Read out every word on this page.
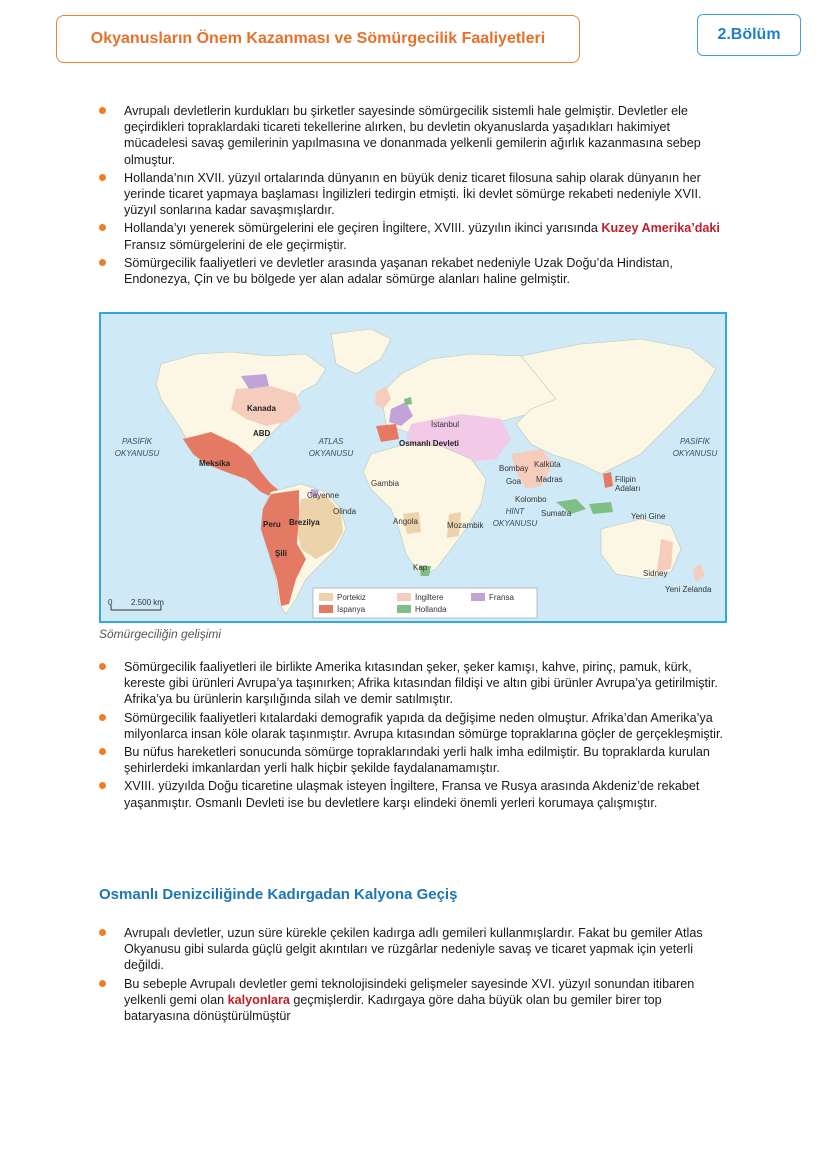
Okyanusların Önem Kazanması ve Sömürgecilik Faaliyetleri	2.Bölüm
Avrupalı devletlerin kurdukları bu şirketler sayesinde sömürgecilik sistemli hale gelmiştir. Devletler ele geçirdikleri topraklardaki ticareti tekellerine alırken, bu devletin okyanuslarda yaşadıkları hakimiyet mücadelesi savaş gemilerinin yapılmasına ve donanmada yelkenli gemilerin ağırlık kazanmasına sebep olmuştur.
Hollanda’nın XVII. yüzyıl ortalarında dünyanın en büyük deniz ticaret filosuna sahip olarak dünyanın her yerinde ticaret yapmaya başlaması İngilizleri tedirgin etmişti. İki devlet sömürge rekabeti nedeniyle XVII. yüzyıl sonlarına kadar savaşmışlardır.
Hollanda’yı yenerek sömürgelerini ele geçiren İngiltere, XVIII. yüzyılın ikinci yarısında Kuzey Amerika’daki Fransız sömürgelerini de ele geçirmiştir.
Sömürgecilik faaliyetleri ve devletler arasında yaşanan rekabet nedeniyle Uzak Doğu’da Hindistan, Endonezya, Çin ve bu bölgede yer alan adalar sömürge alanları haline gelmiştir.
PASİFİK
OKYANUSU
ATLAS
OKYANUSU
HİNT
OKYANUSU
PASİFİK
OKYANUSU
Kanada
ABD
Meksika
Cayenne
Olinda
Peru Brezilya
Şili
İstanbul
Osmanlı Devleti
Gambia
Angola	Mozambik
Kap
Bombay
Goa Madras
Kalküta
Kolombo
Sumatra
Filipin
Adaları
Yeni Gine
Sidney
Yeni Zelanda
0 2.500 km
Portekiz
İspanya
İngiltere
Hollanda
Fransa
Sömürgeciliğin gelişimi
Sömürgecilik faaliyetleri ile birlikte Amerika kıtasından şeker, şeker kamışı, kahve, pirinç, pamuk, kürk, kereste gibi ürünleri Avrupa’ya taşınırken; Afrika kıtasından fildişi ve altın gibi ürünler Avrupa’ya getirilmiştir. Afrika’ya bu ürünlerin karşılığında silah ve demir satılmıştır.
Sömürgecilik faaliyetleri kıtalardaki demografik yapıda da değişime neden olmuştur. Afrika’dan Amerika’ya milyonlarca insan köle olarak taşınmıştır. Avrupa kıtasından sömürge topraklarına göçler de gerçekleşmiştir.
Bu nüfus hareketleri sonucunda sömürge topraklarındaki yerli halk imha edilmiştir. Bu topraklarda kurulan şehirlerdeki imkanlardan yerli halk hiçbir şekilde faydalanamamıştır.
XVIII. yüzyılda Doğu ticaretine ulaşmak isteyen İngiltere, Fransa ve Rusya arasında Akdeniz’de rekabet yaşanmıştır. Osmanlı Devleti ise bu devletlere karşı elindeki önemli yerleri korumaya çalışmıştır.
Osmanlı Denizciliğinde Kadırgadan Kalyona Geçiş
Avrupalı devletler, uzun süre kürekle çekilen kadırga adlı gemileri kullanmışlardır. Fakat bu gemiler Atlas Okyanusu gibi sularda güçlü gelgit akıntıları ve rüzgârlar nedeniyle savaş ve ticaret yapmak için yeterli değildi.
Bu sebeple Avrupalı devletler gemi teknolojisindeki gelişmeler sayesinde XVI. yüzyıl sonundan itibaren yelkenli gemi olan kalyonlara geçmişlerdir. Kadırgaya göre daha büyük olan bu gemiler birer top bataryasına dönüştürülmüştür
